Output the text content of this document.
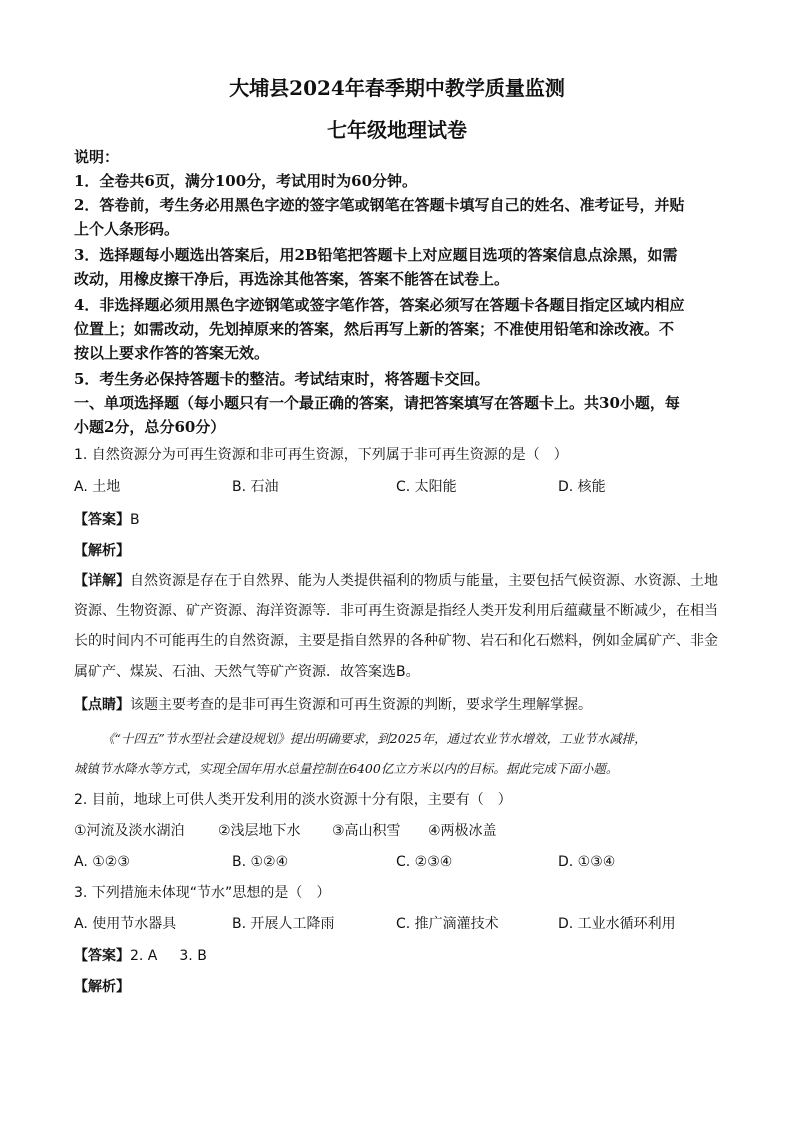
大埔县2024年春季期中教学质量监测
七年级地理试卷
说明：
1．全卷共6页，满分100分，考试用时为60分钟。
2．答卷前，考生务必用黑色字迹的签字笔或钢笔在答题卡填写自己的姓名、准考证号，并贴
上个人条形码。
3．选择题每小题选出答案后，用2B铅笔把答题卡上对应题目选项的答案信息点涂黑，如需
改动，用橡皮擦干净后，再选涂其他答案，答案不能答在试卷上。
4．非选择题必须用黑色字迹钢笔或签字笔作答，答案必须写在答题卡各题目指定区域内相应
位置上；如需改动，先划掉原来的答案，然后再写上新的答案；不准使用铅笔和涂改液。不
按以上要求作答的答案无效。
5．考生务必保持答题卡的整洁。考试结束时，将答题卡交回。
一、单项选择题（每小题只有一个最正确的答案，请把答案填写在答题卡上。共30小题，每
小题2分，总分60分）
1. 自然资源分为可再生资源和非可再生资源，下列属于非可再生资源的是（　）
A. 土地	B. 石油	C. 太阳能	D. 核能
【答案】B
【解析】
【详解】自然资源是存在于自然界、能为人类提供福利的物质与能量，主要包括气候资源、水资源、土地
资源、生物资源、矿产资源、海洋资源等．非可再生资源是指经人类开发利用后蕴藏量不断减少，在相当
长的时间内不可能再生的自然资源，主要是指自然界的各种矿物、岩石和化石燃料，例如金属矿产、非金
属矿产、煤炭、石油、天然气等矿产资源．故答案选B。
【点睛】该题主要考查的是非可再生资源和可再生资源的判断，要求学生理解掌握。
《“十四五”节水型社会建设规划》提出明确要求，到2025年，通过农业节水增效，工业节水减排，
城镇节水降水等方式，实现全国年用水总量控制在6400亿立方米以内的目标。据此完成下面小题。
2. 目前，地球上可供人类开发利用的淡水资源十分有限，主要有（　）
①河流及淡水湖泊 ②浅层地下水 ③高山积雪 ④两极冰盖
A. ①②③	B. ①②④	C. ②③④	D. ①③④
3. 下列措施未体现“节水”思想的是（　）
A. 使用节水器具	B. 开展人工降雨	C. 推广滴灌技术	D. 工业水循环利用
【答案】2. A 3. B
【解析】
